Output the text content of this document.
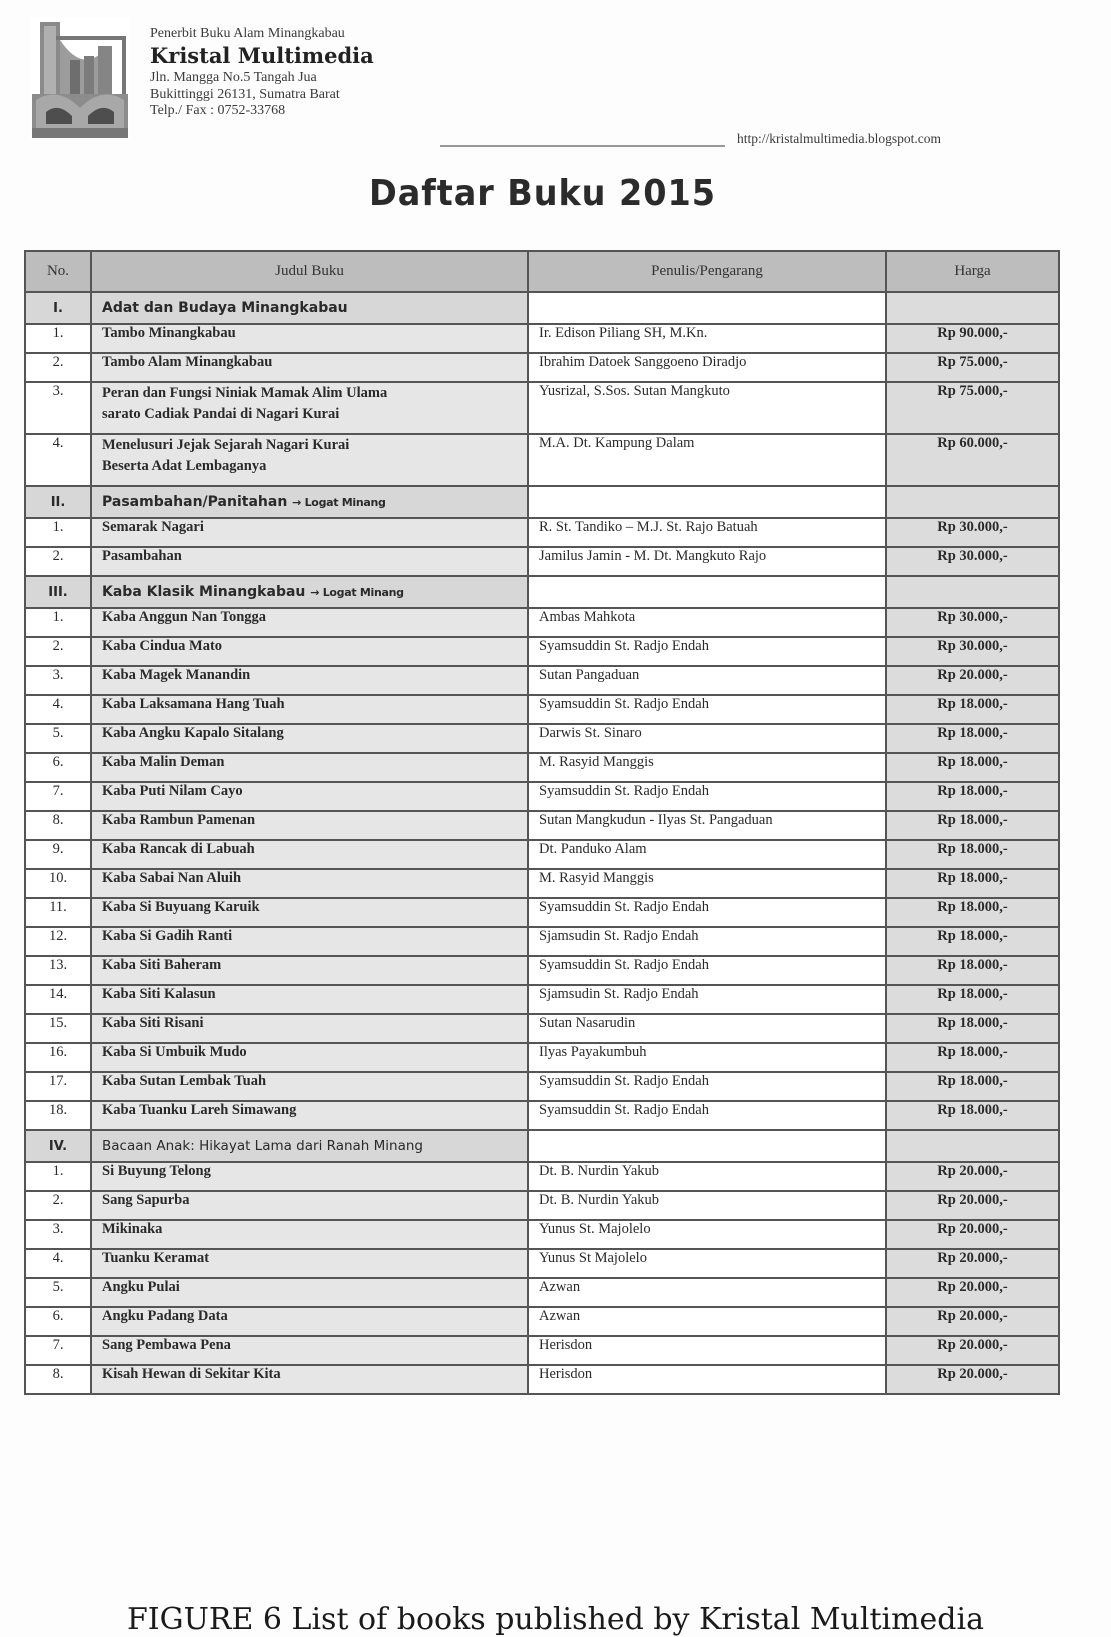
Penerbit Buku Alam Minangkabau
Kristal Multimedia
Jln. Mangga No.5 Tangah Jua
Bukittinggi 26131, Sumatra Barat
Telp./ Fax : 0752-33768
http://kristalmultimedia.blogspot.com
Daftar Buku 2015
No.	Judul Buku	Penulis/Pengarang	Harga
I.	Adat dan Budaya Minangkabau		
1.	Tambo Minangkabau	Ir. Edison Piliang SH, M.Kn.	Rp 90.000,-
2.	Tambo Alam Minangkabau	Ibrahim Datoek Sanggoeno Diradjo	Rp 75.000,-
3.	Peran dan Fungsi Niniak Mamak Alim Ulama
sarato Cadiak Pandai di Nagari Kurai	Yusrizal, S.Sos. Sutan Mangkuto	Rp 75.000,-
4.	Menelusuri Jejak Sejarah Nagari Kurai
Beserta Adat Lembaganya	M.A. Dt. Kampung Dalam	Rp 60.000,-
II.	Pasambahan/Panitahan → Logat Minang		
1.	Semarak Nagari	R. St. Tandiko – M.J. St. Rajo Batuah	Rp 30.000,-
2.	Pasambahan	Jamilus Jamin - M. Dt. Mangkuto Rajo	Rp 30.000,-
III.	Kaba Klasik Minangkabau → Logat Minang		
1.	Kaba Anggun Nan Tongga	Ambas Mahkota	Rp 30.000,-
2.	Kaba Cindua Mato	Syamsuddin St. Radjo Endah	Rp 30.000,-
3.	Kaba Magek Manandin	Sutan Pangaduan	Rp 20.000,-
4.	Kaba Laksamana Hang Tuah	Syamsuddin St. Radjo Endah	Rp 18.000,-
5.	Kaba Angku Kapalo Sitalang	Darwis St. Sinaro	Rp 18.000,-
6.	Kaba Malin Deman	M. Rasyid Manggis	Rp 18.000,-
7.	Kaba Puti Nilam Cayo	Syamsuddin St. Radjo Endah	Rp 18.000,-
8.	Kaba Rambun Pamenan	Sutan Mangkudun - Ilyas St. Pangaduan	Rp 18.000,-
9.	Kaba Rancak di Labuah	Dt. Panduko Alam	Rp 18.000,-
10.	Kaba Sabai Nan Aluih	M. Rasyid Manggis	Rp 18.000,-
11.	Kaba Si Buyuang Karuik	Syamsuddin St. Radjo Endah	Rp 18.000,-
12.	Kaba Si Gadih Ranti	Sjamsudin St. Radjo Endah	Rp 18.000,-
13.	Kaba Siti Baheram	Syamsuddin St. Radjo Endah	Rp 18.000,-
14.	Kaba Siti Kalasun	Sjamsudin St. Radjo Endah	Rp 18.000,-
15.	Kaba Siti Risani	Sutan Nasarudin	Rp 18.000,-
16.	Kaba Si Umbuik Mudo	Ilyas Payakumbuh	Rp 18.000,-
17.	Kaba Sutan Lembak Tuah	Syamsuddin St. Radjo Endah	Rp 18.000,-
18.	Kaba Tuanku Lareh Simawang	Syamsuddin St. Radjo Endah	Rp 18.000,-
IV.	Bacaan Anak: Hikayat Lama dari Ranah Minang		
1.	Si Buyung Telong	Dt. B. Nurdin Yakub	Rp 20.000,-
2.	Sang Sapurba	Dt. B. Nurdin Yakub	Rp 20.000,-
3.	Mikinaka	Yunus St. Majolelo	Rp 20.000,-
4.	Tuanku Keramat	Yunus St Majolelo	Rp 20.000,-
5.	Angku Pulai	Azwan	Rp 20.000,-
6.	Angku Padang Data	Azwan	Rp 20.000,-
7.	Sang Pembawa Pena	Herisdon	Rp 20.000,-
8.	Kisah Hewan di Sekitar Kita	Herisdon	Rp 20.000,-
FIGURE 6 List of books published by Kristal Multimedia
